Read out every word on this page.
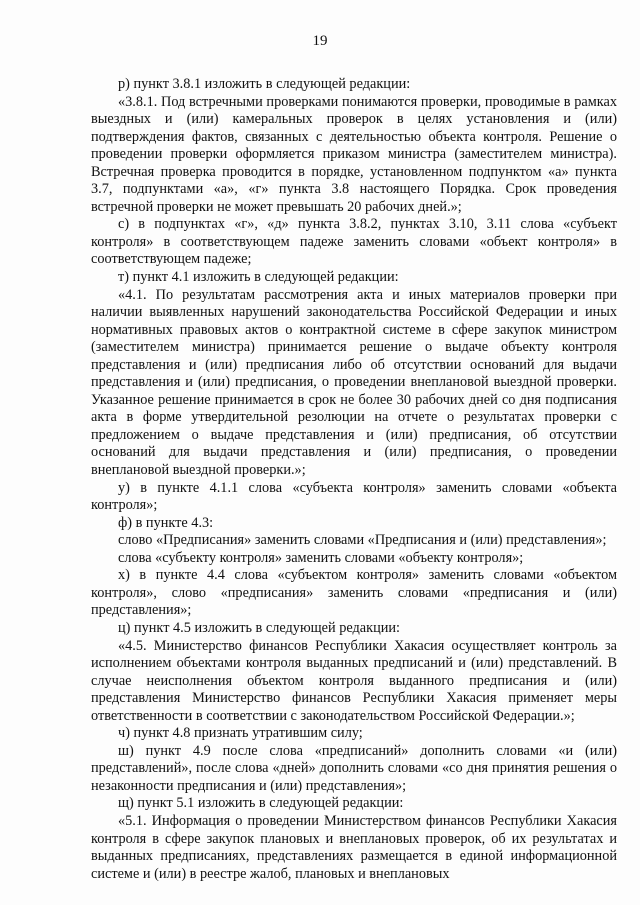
19

р) пункт 3.8.1 изложить в следующей редакции:

«3.8.1. Под встречными проверками понимаются проверки, проводимые в рамках выездных и (или) камеральных проверок в целях установления и (или) подтверждения фактов, связанных с деятельностью объекта контроля. Решение о проведении проверки оформляется приказом министра (заместителем министра). Встречная проверка проводится в порядке, установленном подпунктом «а» пункта 3.7, подпунктами «а», «г» пункта 3.8 настоящего Порядка. Срок проведения встречной проверки не может превышать 20 рабочих дней.»;

с) в подпунктах «г», «д» пункта 3.8.2, пунктах 3.10, 3.11 слова «субъект контроля» в соответствующем падеже заменить словами «объект контроля» в соответствующем падеже;

т) пункт 4.1 изложить в следующей редакции:

«4.1. По результатам рассмотрения акта и иных материалов проверки при наличии выявленных нарушений законодательства Российской Федерации и иных нормативных правовых актов о контрактной системе в сфере закупок министром (заместителем министра) принимается решение о выдаче объекту контроля представления и (или) предписания либо об отсутствии оснований для выдачи представления и (или) предписания, о проведении внеплановой выездной проверки. Указанное решение принимается в срок не более 30 рабочих дней со дня подписания акта в форме утвердительной резолюции на отчете о результатах проверки с предложением о выдаче представления и (или) предписания, об отсутствии оснований для выдачи представления и (или) предписания, о проведении внеплановой выездной проверки.»;

у) в пункте 4.1.1 слова «субъекта контроля» заменить словами «объекта контроля»;

ф) в пункте 4.3:

слово «Предписания» заменить словами «Предписания и (или) представления»;

слова «субъекту контроля» заменить словами «объекту контроля»;

х) в пункте 4.4 слова «субъектом контроля» заменить словами «объектом контроля», слово «предписания» заменить словами «предписания и (или) представления»;

ц) пункт 4.5 изложить в следующей редакции:

«4.5. Министерство финансов Республики Хакасия осуществляет контроль за исполнением объектами контроля выданных предписаний и (или) представлений. В случае неисполнения объектом контроля выданного предписания и (или) представления Министерство финансов Республики Хакасия применяет меры ответственности в соответствии с законодательством Российской Федерации.»;

ч) пункт 4.8 признать утратившим силу;

ш) пункт 4.9 после слова «предписаний» дополнить словами «и (или) представлений», после слова «дней» дополнить словами «со дня принятия решения о незаконности предписания и (или) представления»;

щ) пункт 5.1 изложить в следующей редакции:

«5.1. Информация о проведении Министерством финансов Республики Хакасия контроля в сфере закупок плановых и внеплановых проверок, об их результатах и выданных предписаниях, представлениях размещается в единой информационной системе и (или) в реестре жалоб, плановых и внеплановых
